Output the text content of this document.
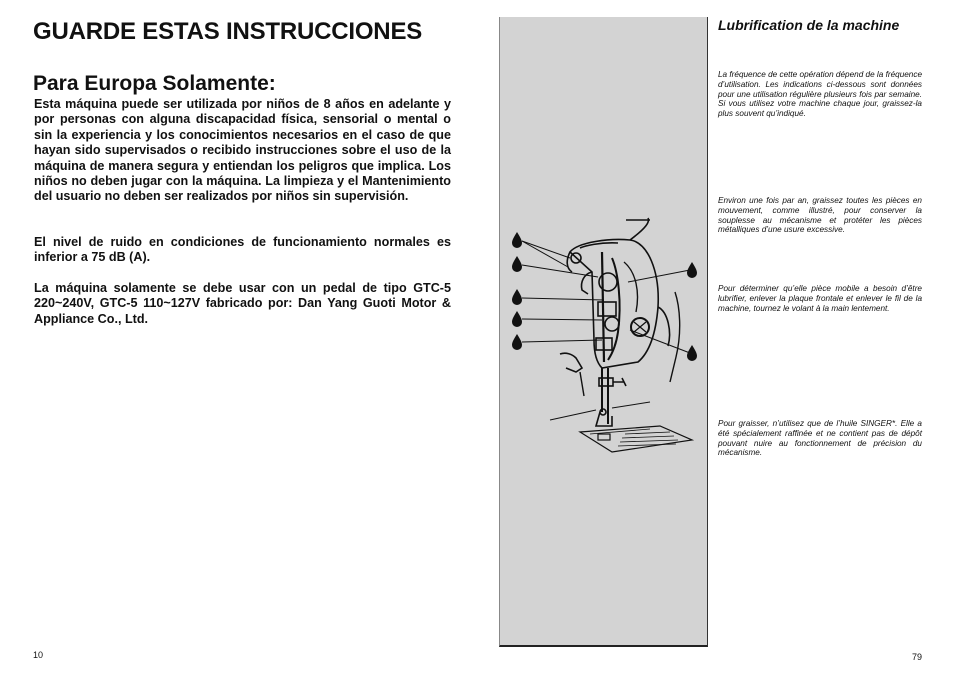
GUARDE ESTAS INSTRUCCIONES
Para Europa Solamente:

Esta máquina puede ser utilizada por niños de 8 años en adelante y por personas con alguna discapacidad física, sensorial o mental o sin la experiencia y los conocimientos necesarios en el caso de que hayan sido supervisados o recibido instrucciones sobre el uso de la máquina de manera segura y entiendan los peligros que implica. Los niños no deben jugar con la máquina. La limpieza y el Mantenimiento del usuario no deben ser realizados por niños sin supervisión.

El nivel de ruido en condiciones de funcionamiento normales es inferior a 75 dB (A).

La máquina solamente se debe usar con un pedal de tipo GTC-5 220~240V, GTC-5 110~127V fabricado por: Dan Yang Guoti Motor & Appliance Co., Ltd.

10
Lubrification de la machine

La fréquence de cette opération dépend de la fréquence d’utilisation. Les indications ci-dessous sont données pour une utilisation régulière plusieurs fois par semaine. Si vous utilisez votre machine chaque jour, graissez-la plus souvent qu’indiqué.

Environ une fois par an, graissez toutes les pièces en mouvement, comme illustré, pour conserver la souplesse au mécanisme et protéter les pièces métalliques d’une usure excessive.

Pour déterminer qu’elle pièce mobile a besoin d’être lubrifier, enlever la plaque frontale et enlever le fil de la machine, tournez le volant à la main lentement.

Pour graisser, n’utilisez que de l’huile SINGER*. Elle a été spécialement raffinée et ne contient pas de dépôt pouvant nuire au fonctionnement de précision du mécanisme.

79
